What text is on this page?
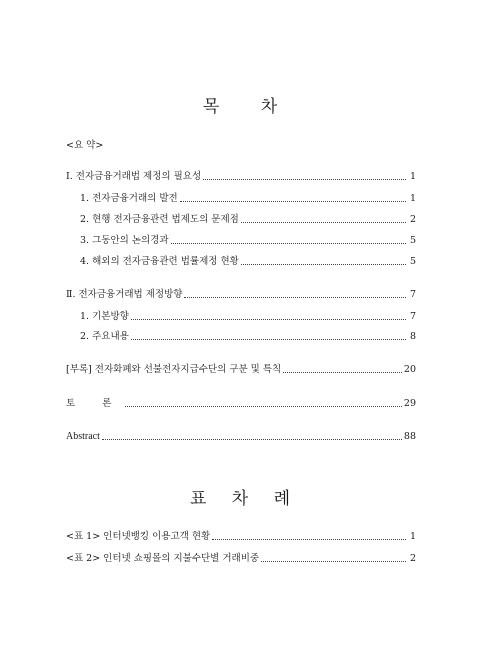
목 차
<요 약>
Ⅰ. 전자금융거래법 제정의 필요성	1
1. 전자금융거래의 발전	1
2. 현행 전자금융관련 법제도의 문제점	2
3. 그동안의 논의경과	5
4. 해외의 전자금융관련 법률제정 현황	5
Ⅱ. 전자금융거래법 제정방향	7
1. 기본방향	7
2. 주요내용	8
[부록] 전자화폐와 선불전자지급수단의 구분 및 특칙	20
토 론	29
Abstract	88
표 차 례
<표 1> 인터넷뱅킹 이용고객 현황	1
<표 2> 인터넷 쇼핑몰의 지불수단별 거래비중	2
